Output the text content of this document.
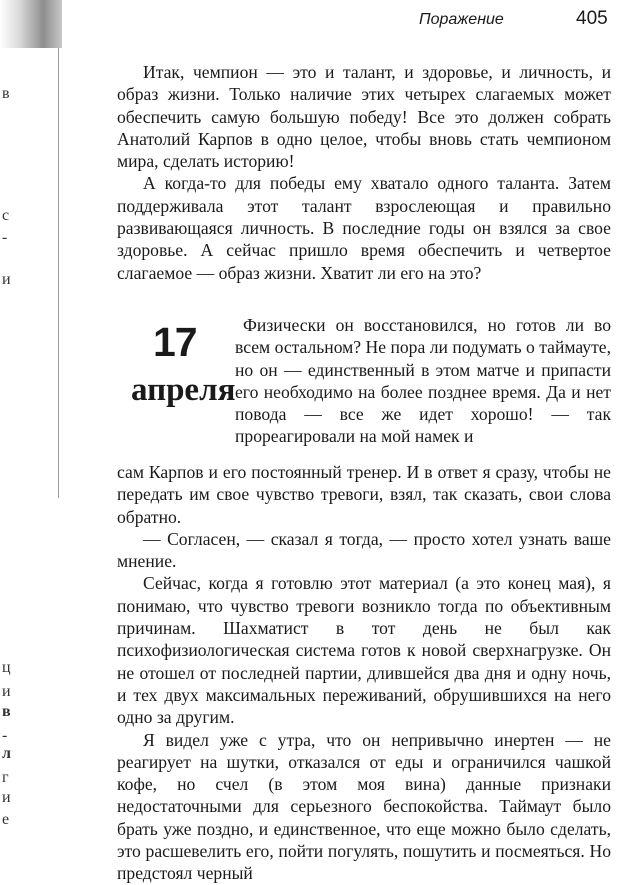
в
с
-
и
ц
и
в
-
л
г
и
е
Поражение	405

Итак, чемпион — это и талант, и здоровье, и личность, и образ жизни. Только наличие этих четырех слагаемых может обеспечить самую большую победу! Все это должен собрать Анатолий Карпов в одно целое, чтобы вновь стать чемпионом мира, сделать историю!

А когда-то для победы ему хватало одного таланта. Затем поддерживала этот талант взрослеющая и правильно развивающаяся личность. В последние годы он взялся за свое здоровье. А сейчас пришло время обеспечить и четвертое слагаемое — образ жизни. Хватит ли его на это?

17
апреля

Физически он восстановился, но готов ли во всем остальном? Не пора ли подумать о таймауте, но он — единственный в этом матче и припасти его необходимо на более позднее время. Да и нет повода — все же идет хорошо! — так прореагировали на мой намек и

сам Карпов и его постоянный тренер. И в ответ я сразу, чтобы не передать им свое чувство тревоги, взял, так сказать, свои слова обратно.

— Согласен, — сказал я тогда, — просто хотел узнать ваше мнение.

Сейчас, когда я готовлю этот материал (а это конец мая), я понимаю, что чувство тревоги возникло тогда по объективным причинам. Шахматист в тот день не был как психофизиологическая система готов к новой сверхнагрузке. Он не отошел от последней партии, длившейся два дня и одну ночь, и тех двух максимальных переживаний, обрушившихся на него одно за другим.

Я видел уже с утра, что он непривычно инертен — не реагирует на шутки, отказался от еды и ограничился чашкой кофе, но счел (в этом моя вина) данные признаки недостаточными для серьезного беспокойства. Таймаут было брать уже поздно, и единственное, что еще можно было сделать, это расшевелить его, пойти погулять, пошутить и посмеяться. Но предстоял черный
